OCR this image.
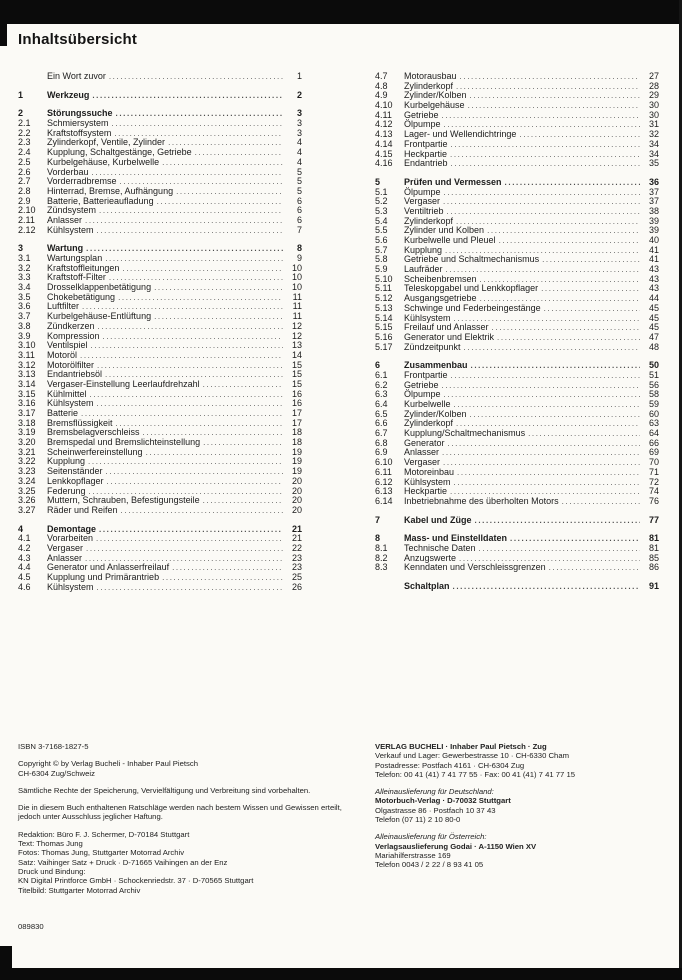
Inhaltsübersicht
Ein Wort zuvor .....	1
1	Werkzeug .....	2
2	Störungssuche .....	3
2.1	Schmiersystem .....	3
2.2	Kraftstoffsystem .....	3
2.3	Zylinderkopf, Ventile, Zylinder .....	4
2.4	Kupplung, Schaltgestänge, Getriebe .....	4
2.5	Kurbelgehäuse, Kurbelwelle .....	4
2.6	Vorderbau .....	5
2.7	Vorderradbremse .....	5
2.8	Hinterrad, Bremse, Aufhängung .....	5
2.9	Batterie, Batterieaufladung .....	6
2.10	Zündsystem .....	6
2.11	Anlasser .....	6
2.12	Kühlsystem .....	7
3	Wartung .....	8
3.1	Wartungsplan .....	9
3.2	Kraftstoffleitungen .....	10
3.3	Kraftstoff-Filter .....	10
3.4	Drosselklappenbetätigung .....	10
3.5	Chokebetätigung .....	11
3.6	Luftfilter .....	11
3.7	Kurbelgehäuse-Entlüftung .....	11
3.8	Zündkerzen .....	12
3.9	Kompression .....	12
3.10	Ventilspiel .....	13
3.11	Motoröl .....	14
3.12	Motorölfilter .....	15
3.13	Endantriebsöl .....	15
3.14	Vergaser-Einstellung Leerlaufdrehzahl .....	15
3.15	Kühlmittel .....	16
3.16	Kühlsystem .....	16
3.17	Batterie .....	17
3.18	Bremsflüssigkeit .....	17
3.19	Bremsbelagverschleiss .....	18
3.20	Bremspedal und Bremslichteinstellung .....	18
3.21	Scheinwerfereinstellung .....	19
3.22	Kupplung .....	19
3.23	Seitenständer .....	19
3.24	Lenkkopflager .....	20
3.25	Federung .....	20
3.26	Muttern, Schrauben, Befestigungsteile .....	20
3.27	Räder und Reifen .....	20
4	Demontage .....	21
4.1	Vorarbeiten .....	21
4.2	Vergaser .....	22
4.3	Anlasser .....	23
4.4	Generator und Anlasserfreilauf .....	23
4.5	Kupplung und Primärantrieb .....	25
4.6	Kühlsystem .....	26
4.7	Motorausbau .....	27
4.8	Zylinderkopf .....	28
4.9	Zylinder/Kolben .....	29
4.10	Kurbelgehäuse .....	30
4.11	Getriebe .....	30
4.12	Ölpumpe .....	31
4.13	Lager- und Wellendichtringe .....	32
4.14	Frontpartie .....	34
4.15	Heckpartie .....	34
4.16	Endantrieb .....	35
5	Prüfen und Vermessen .....	36
5.1	Ölpumpe .....	37
5.2	Vergaser .....	37
5.3	Ventiltrieb .....	38
5.4	Zylinderkopf .....	39
5.5	Zylinder und Kolben .....	39
5.6	Kurbelwelle und Pleuel .....	40
5.7	Kupplung .....	41
5.8	Getriebe und Schaltmechanismus .....	41
5.9	Laufräder .....	43
5.10	Scheibenbremsen .....	43
5.11	Teleskopgabel und Lenkkopflager .....	43
5.12	Ausgangsgetriebe .....	44
5.13	Schwinge und Federbeingestänge .....	45
5.14	Kühlsystem .....	45
5.15	Freilauf und Anlasser .....	45
5.16	Generator und Elektrik .....	47
5.17	Zündzeitpunkt .....	48
6	Zusammenbau .....	50
6.1	Frontpartie .....	51
6.2	Getriebe .....	56
6.3	Ölpumpe .....	58
6.4	Kurbelwelle .....	59
6.5	Zylinder/Kolben .....	60
6.6	Zylinderkopf .....	63
6.7	Kupplung/Schaltmechanismus .....	64
6.8	Generator .....	66
6.9	Anlasser .....	69
6.10	Vergaser .....	70
6.11	Motoreinbau .....	71
6.12	Kühlsystem .....	72
6.13	Heckpartie .....	74
6.14	Inbetriebnahme des überholten Motors .....	76
7	Kabel und Züge .....	77
8	Mass- und Einstelldaten .....	81
8.1	Technische Daten .....	81
8.2	Anzugswerte .....	85
8.3	Kenndaten und Verschleissgrenzen .....	86
Schaltplan .....	91
ISBN 3-7168-1827-5
Copyright © by Verlag Bucheli - Inhaber Paul Pietsch
CH-6304 Zug/Schweiz
Sämtliche Rechte der Speicherung, Vervielfältigung und Verbreitung sind vorbehalten.
Die in diesem Buch enthaltenen Ratschläge werden nach bestem Wissen und Gewissen erteilt,
jedoch unter Ausschluss jeglicher Haftung.
Redaktion: Büro F. J. Schermer, D-70184 Stuttgart
Text: Thomas Jung
Fotos: Thomas Jung, Stuttgarter Motorrad Archiv
Satz: Vaihinger Satz + Druck · D-71665 Vaihingen an der Enz
Druck und Bindung:
KN Digital Printforce GmbH · Schockenriedstr. 37 · D-70565 Stuttgart
Titelbild: Stuttgarter Motorrad Archiv
VERLAG BUCHELI · Inhaber Paul Pietsch · Zug
Verkauf und Lager: Gewerbestrasse 10 · CH-6330 Cham
Postadresse: Postfach 4161 · CH-6304 Zug
Telefon: 00 41 (41) 7 41 77 55 · Fax: 00 41 (41) 7 41 77 15
Alleinauslieferung für Deutschland:
Motorbuch-Verlag · D-70032 Stuttgart
Olgastrasse 86 · Postfach 10 37 43
Telefon (07 11) 2 10 80-0
Alleinauslieferung für Österreich:
Verlagsauslieferung Godai · A-1150 Wien XV
Mariahilferstrasse 169
Telefon 0043 / 2 22 / 8 93 41 05
089830
